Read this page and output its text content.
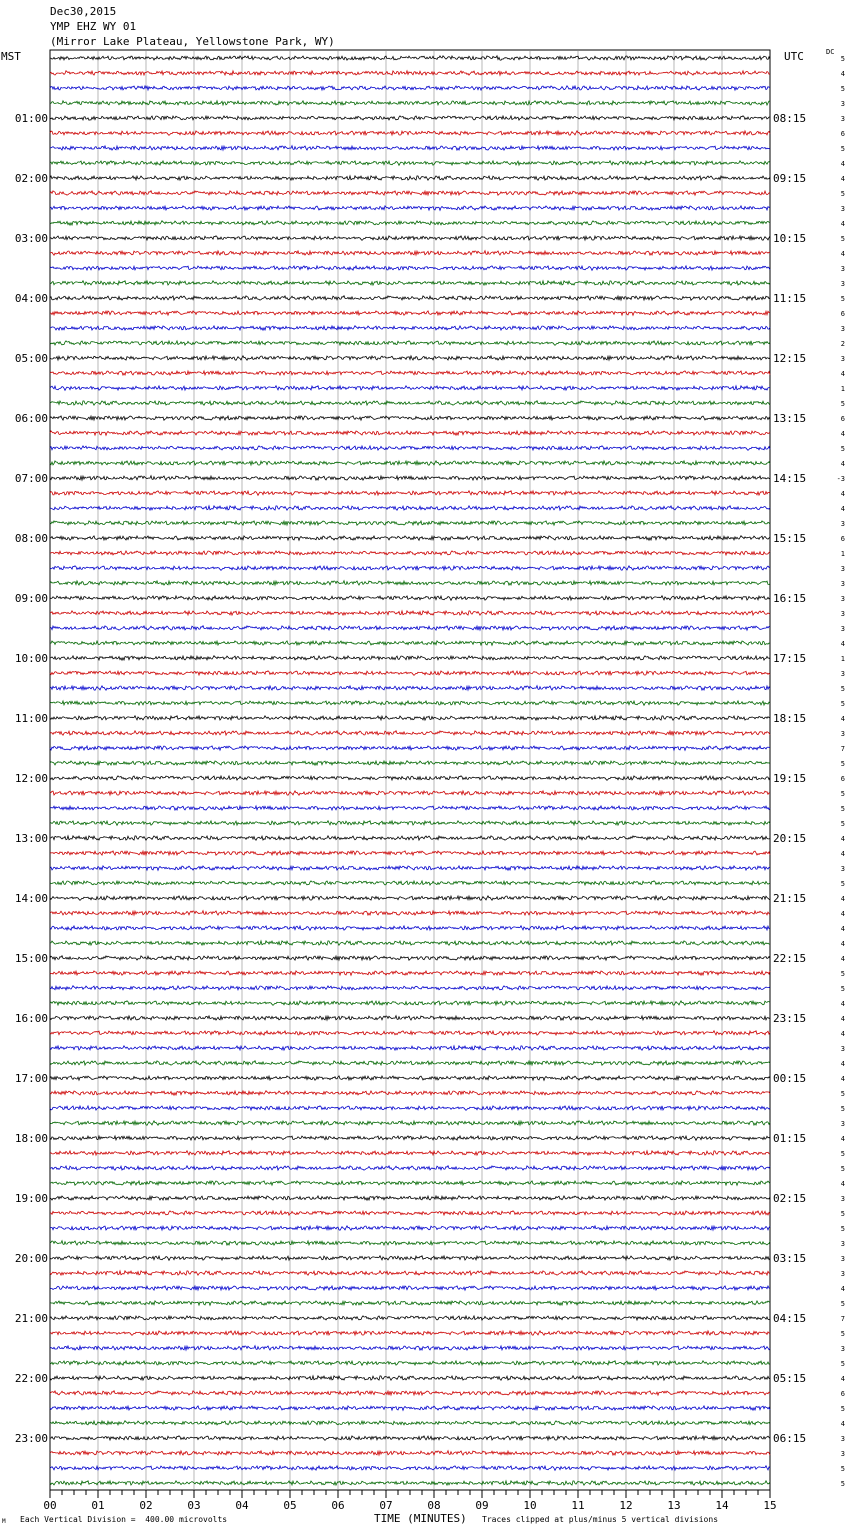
Dec30,2015
YMP EHZ WY 01
(Mirror Lake Plateau, Yellowstone Park, WY)
MST	UTC	DC
01:00
02:00
03:00
04:00
05:00
06:00
07:00
08:00
09:00
10:00
11:00
12:00
13:00
14:00
15:00
16:00
17:00
18:00
19:00
20:00
21:00
22:00
23:00
08:15
09:15
10:15
11:15
12:15
13:15
14:15
15:15
16:15
17:15
18:15
19:15
20:15
21:15
22:15
23:15
00:15
01:15
02:15
03:15
04:15
05:15
06:15
5
4
5
3
3
6
5
4
4
5
3
4
5
4
3
3
5
6
3
2
3
4
1
5
6
4
5
4
-3
4
4
3
6
1
3
3
3
3
3
4
1
3
5
5
4
3
7
5
6
5
5
5
4
4
3
5
4
4
4
4
4
5
5
4
4
4
3
4
4
5
5
3
4
5
5
4
3
5
5
3
3
3
4
5
7
5
3
5
4
6
5
4
3
3
5
5
00	01	02	03	04	05	06	07	08	09	10	11	12	13	14	15
M Each Vertical Division =  400.00 microvolts	TIME (MINUTES) Traces clipped at plus/minus 5 vertical divisions
